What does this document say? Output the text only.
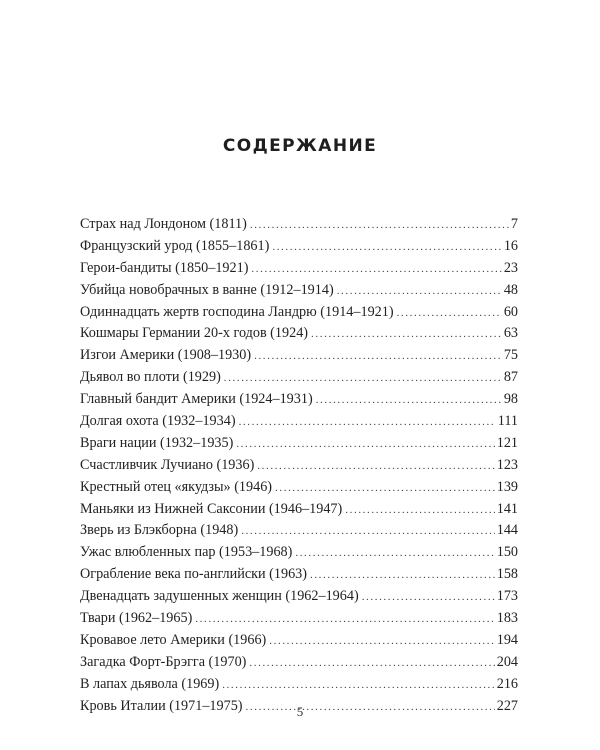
СОДЕРЖАНИЕ
Страх над Лондоном (1811) .....	7
Французский урод (1855–1861) .....	16
Герои-бандиты (1850–1921) .....	23
Убийца новобрачных в ванне (1912–1914) .....	48
Одиннадцать жертв господина Ландрю (1914–1921) .....	60
Кошмары Германии 20-х годов (1924) .....	63
Изгои Америки (1908–1930) .....	75
Дьявол во плоти (1929) .....	87
Главный бандит Америки (1924–1931) .....	98
Долгая охота (1932–1934) .....	111
Враги нации (1932–1935) .....	121
Счастливчик Лучиано (1936) .....	123
Крестный отец «якудзы» (1946) .....	139
Маньяки из Нижней Саксонии (1946–1947) .....	141
Зверь из Блэкборна (1948) .....	144
Ужас влюбленных пар (1953–1968) .....	150
Ограбление века по-английски (1963) .....	158
Двенадцать задушенных женщин (1962–1964) .....	173
Твари (1962–1965) .....	183
Кровавое лето Америки (1966) .....	194
Загадка Форт-Брэгга (1970) .....	204
В лапах дьявола (1969) .....	216
Кровь Италии (1971–1975) .....	227
5
